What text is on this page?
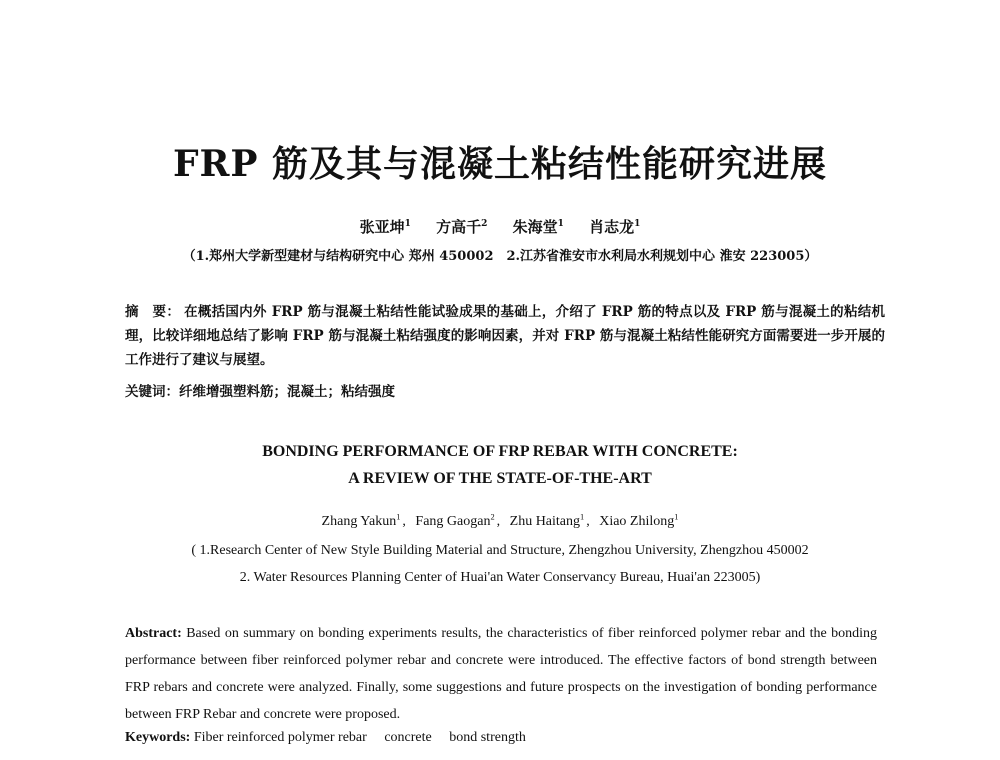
FRP 筋及其与混凝土粘结性能研究进展
张亚坤$^1$ 方高千$^2$ 朱海堂$^1$ 肖志龙$^1$
（1.郑州大学新型建材与结构研究中心 郑州 450002　2.江苏省淮安市水利局水利规划中心 淮安 223005）
摘　要： 在概括国内外 FRP 筋与混凝土粘结性能试验成果的基础上，介绍了 FRP 筋的特点以及 FRP 筋与混凝土的粘结机理，比较详细地总结了影响 FRP 筋与混凝土粘结强度的影响因素，并对 FRP 筋与混凝土粘结性能研究方面需要进一步开展的工作进行了建议与展望。
关键词：纤维增强塑料筋；混凝土；粘结强度
BONDING PERFORMANCE OF FRP REBAR WITH CONCRETE:
A REVIEW OF THE STATE-OF-THE-ART
Zhang Yakun$^1$ , Fang Gaogan$^2$ , Zhu Haitang$^1$ , Xiao Zhilong$^1$
( 1.Research Center of New Style Building Material and Structure, Zhengzhou University, Zhengzhou 450002
2. Water Resources Planning Center of Huai'an Water Conservancy Bureau, Huai'an 223005)
Abstract: Based on summary on bonding experiments results, the characteristics of fiber reinforced polymer rebar and the bonding performance between fiber reinforced polymer rebar and concrete were introduced. The effective factors of bond strength between FRP rebars and concrete were analyzed. Finally, some suggestions and future prospects on the investigation of bonding performance between FRP Rebar and concrete were proposed.
Keywords: Fiber reinforced polymer rebar concrete bond strength
